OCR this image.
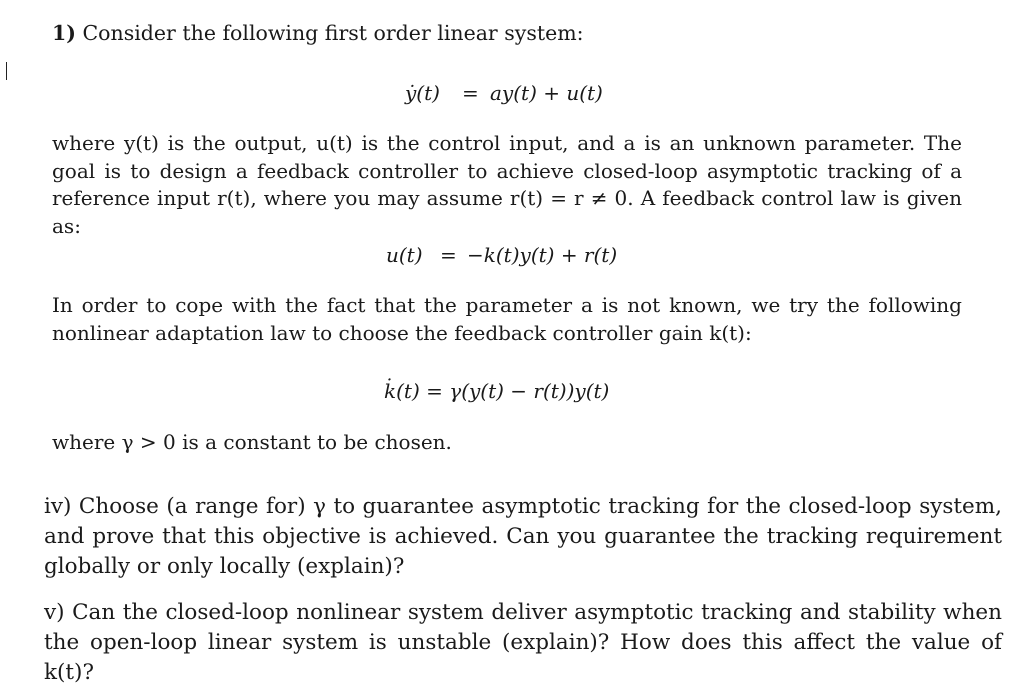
1) Consider the following first order linear system:
ẏ(t) = ay(t) + u(t)
where y(t) is the output, u(t) is the control input, and a is an unknown parameter. The goal is to design a feedback controller to achieve closed-loop asymptotic tracking of a reference input r(t), where you may assume r(t) = r ≠ 0. A feedback control law is given as:
u(t) = −k(t)y(t) + r(t)
In order to cope with the fact that the parameter a is not known, we try the following nonlinear adaptation law to choose the feedback controller gain k(t):
k̇(t) = γ(y(t) − r(t))y(t)
where γ > 0 is a constant to be chosen.
iv) Choose (a range for) γ to guarantee asymptotic tracking for the closed-loop system, and prove that this objective is achieved. Can you guarantee the tracking requirement globally or only locally (explain)?
v) Can the closed-loop nonlinear system deliver asymptotic tracking and stability when the open-loop linear system is unstable (explain)? How does this affect the value of k(t)?
